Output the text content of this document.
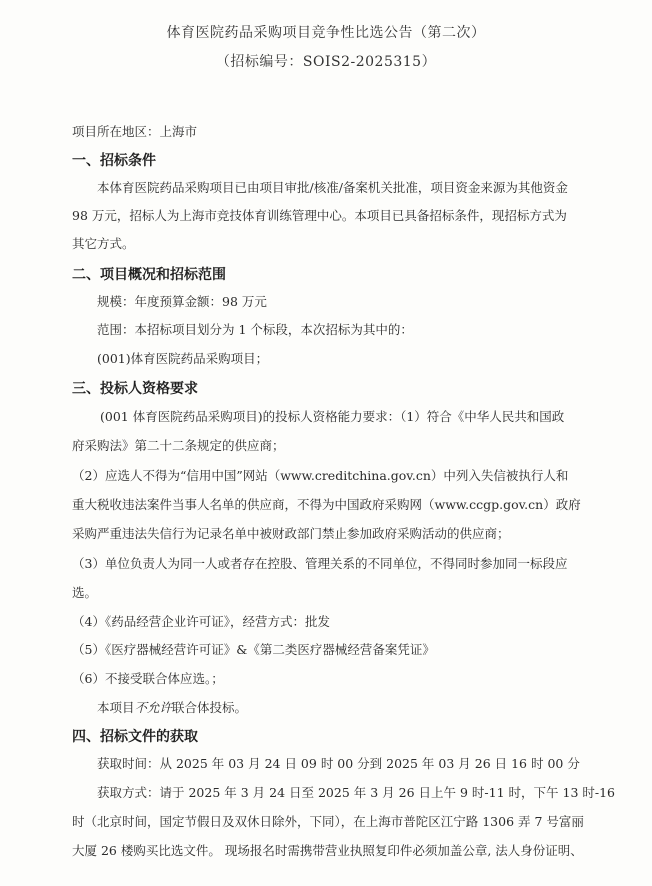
体育医院药品采购项目竞争性比选公告（第二次）
（招标编号：SOIS2-2025315）
项目所在地区：上海市
一、招标条件
本体育医院药品采购项目已由项目审批/核准/备案机关批准，项目资金来源为其他资金
98 万元，招标人为上海市竞技体育训练管理中心。本项目已具备招标条件，现招标方式为
其它方式。
二、项目概况和招标范围
规模：年度预算金额：98 万元
范围：本招标项目划分为 1 个标段，本次招标为其中的：
(001)体育医院药品采购项目；
三、投标人资格要求
(001 体育医院药品采购项目)的投标人资格能力要求：（1）符合《中华人民共和国政
府采购法》第二十二条规定的供应商；
（2）应选人不得为“信用中国”网站（www.creditchina.gov.cn）中列入失信被执行人和
重大税收违法案件当事人名单的供应商，不得为中国政府采购网（www.ccgp.gov.cn）政府
采购严重违法失信行为记录名单中被财政部门禁止参加政府采购活动的供应商；
（3）单位负责人为同一人或者存在控股、管理关系的不同单位，不得同时参加同一标段应
选。
（4）《药品经营企业许可证》，经营方式：批发
（5）《医疗器械经营许可证》&《第二类医疗器械经营备案凭证》
（6）不接受联合体应选。；
本项目不允许联合体投标。
四、招标文件的获取
获取时间：从 2025 年 03 月 24 日 09 时 00 分到 2025 年 03 月 26 日 16 时 00 分
获取方式：请于 2025 年 3 月 24 日至 2025 年 3 月 26 日上午 9 时-11 时，下午 13 时-16
时（北京时间，国定节假日及双休日除外，下同），在上海市普陀区江宁路 1306 弄 7 号富丽
大厦 26 楼购买比选文件。 现场报名时需携带营业执照复印件必须加盖公章, 法人身份证明、
